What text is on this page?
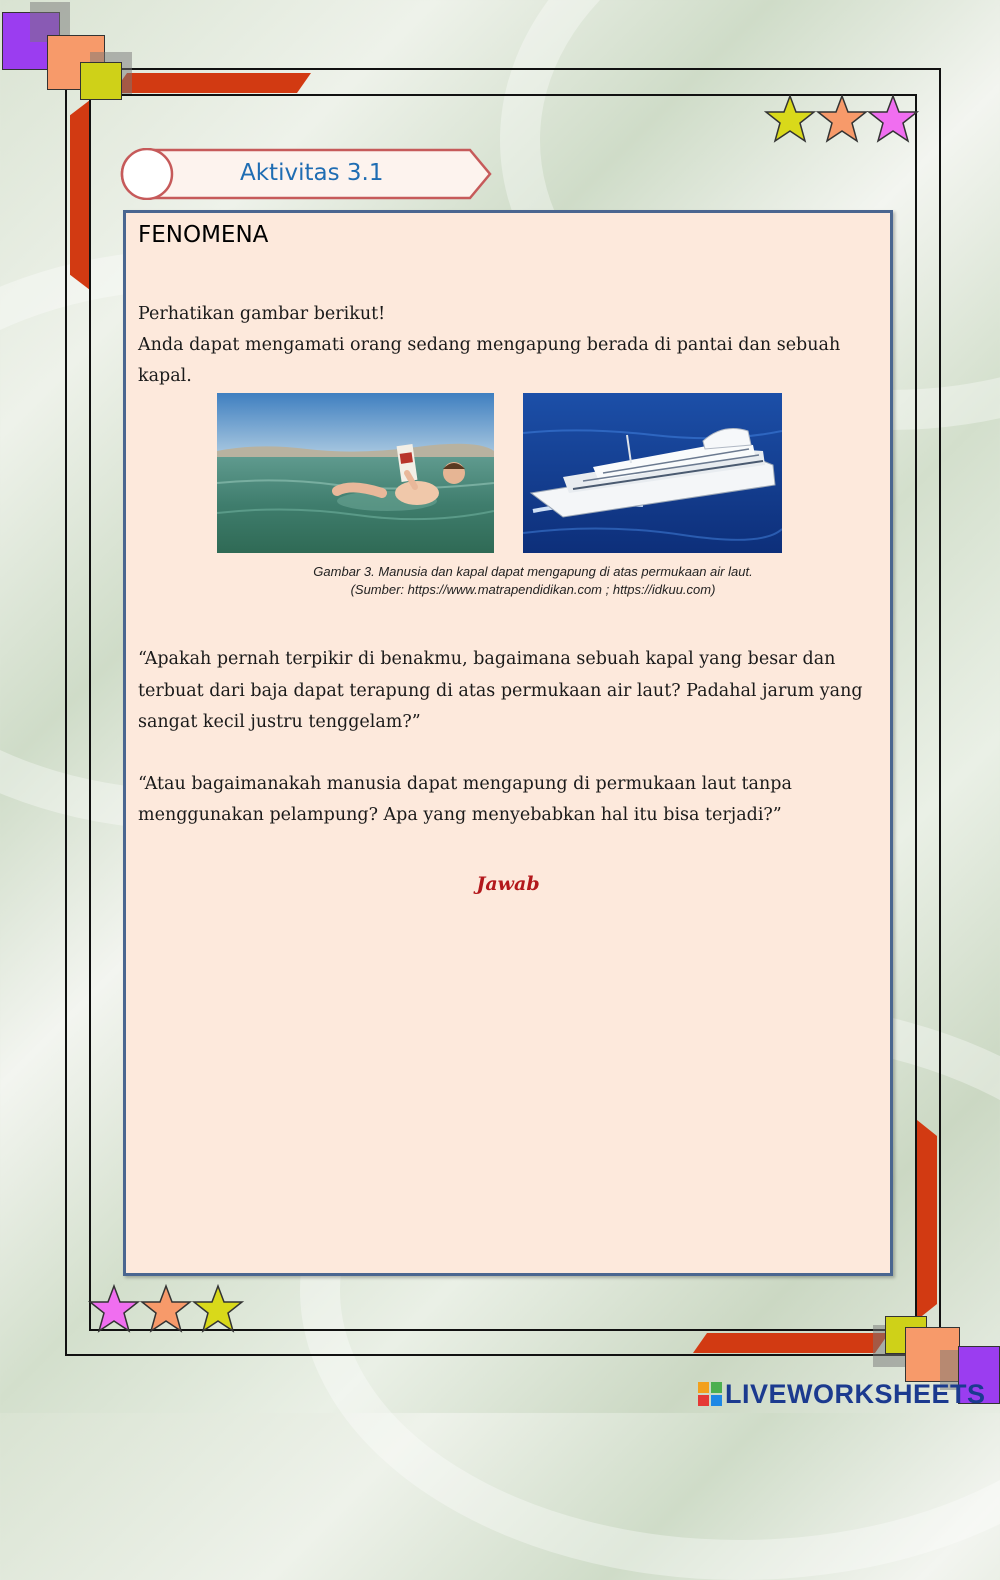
Aktivitas 3.1
FENOMENA
Perhatikan gambar berikut!
Anda dapat mengamati orang sedang mengapung berada di pantai dan sebuah kapal.
Gambar 3. Manusia dan kapal dapat mengapung di atas permukaan air laut.
(Sumber: https://www.matrapendidikan.com ; https://idkuu.com)
“Apakah pernah terpikir di benakmu, bagaimana sebuah kapal yang besar dan
terbuat dari baja dapat terapung di atas permukaan air laut? Padahal jarum yang
sangat kecil justru tenggelam?”
“Atau bagaimanakah manusia dapat mengapung di permukaan laut tanpa
menggunakan pelampung? Apa yang menyebabkan hal itu bisa terjadi?”
Jawab
LIVEWORKSHEETS
